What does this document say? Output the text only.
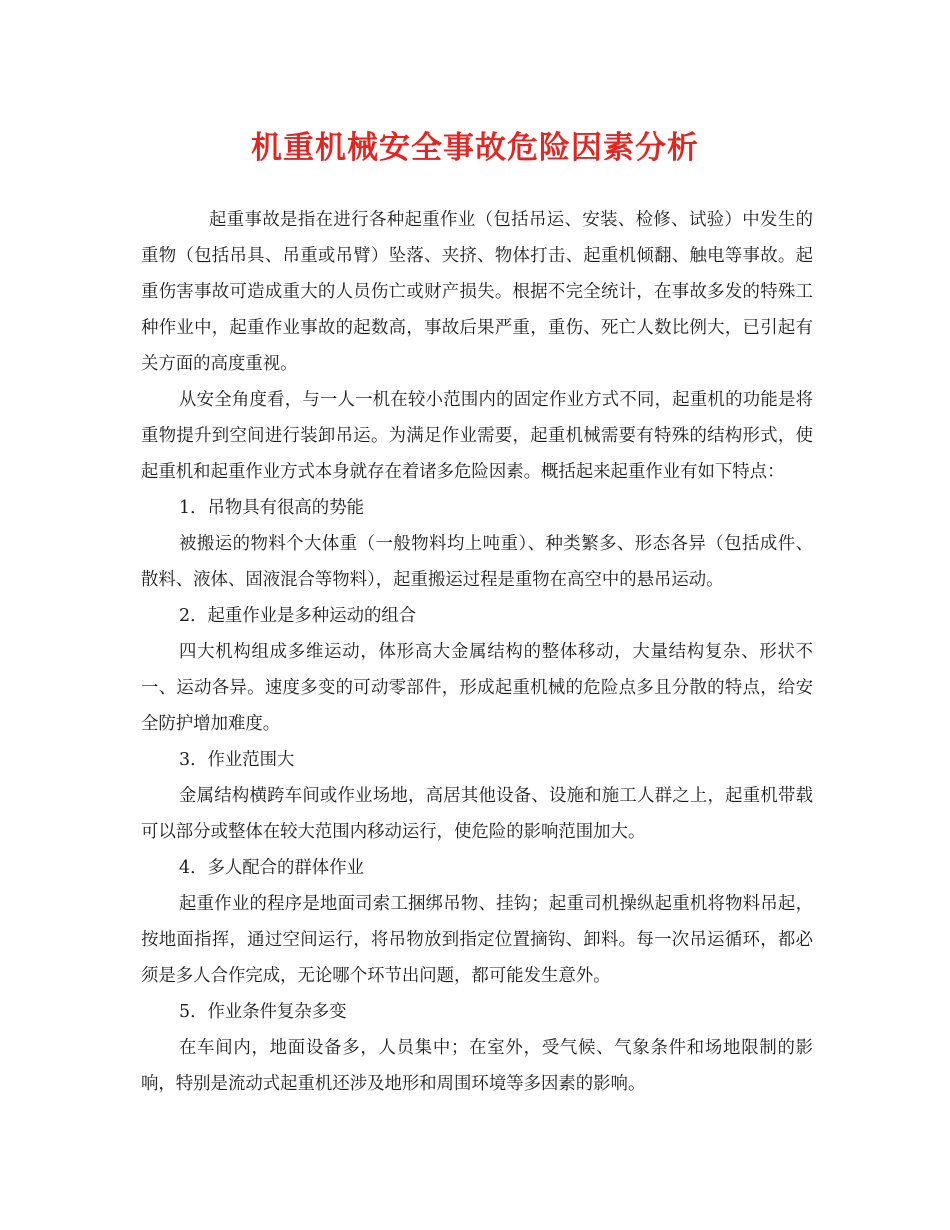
机重机械安全事故危险因素分析

起重事故是指在进行各种起重作业（包括吊运、安装、检修、试验）中发生的重物（包括吊具、吊重或吊臂）坠落、夹挤、物体打击、起重机倾翻、触电等事故。起重伤害事故可造成重大的人员伤亡或财产损失。根据不完全统计，在事故多发的特殊工种作业中，起重作业事故的起数高，事故后果严重，重伤、死亡人数比例大，已引起有关方面的高度重视。

从安全角度看，与一人一机在较小范围内的固定作业方式不同，起重机的功能是将重物提升到空间进行装卸吊运。为满足作业需要，起重机械需要有特殊的结构形式，使起重机和起重作业方式本身就存在着诸多危险因素。概括起来起重作业有如下特点：

1．吊物具有很高的势能

被搬运的物料个大体重（一般物料均上吨重）、种类繁多、形态各异（包括成件、散料、液体、固液混合等物料），起重搬运过程是重物在高空中的悬吊运动。

2．起重作业是多种运动的组合

四大机构组成多维运动，体形高大金属结构的整体移动，大量结构复杂、形状不一、运动各异。速度多变的可动零部件，形成起重机械的危险点多且分散的特点，给安全防护增加难度。

3．作业范围大

金属结构横跨车间或作业场地，高居其他设备、设施和施工人群之上，起重机带载可以部分或整体在较大范围内移动运行，使危险的影响范围加大。

4．多人配合的群体作业

起重作业的程序是地面司索工捆绑吊物、挂钩；起重司机操纵起重机将物料吊起，按地面指挥，通过空间运行，将吊物放到指定位置摘钩、卸料。每一次吊运循环，都必须是多人合作完成，无论哪个环节出问题，都可能发生意外。

5．作业条件复杂多变

在车间内，地面设备多，人员集中；在室外，受气候、气象条件和场地限制的影响，特别是流动式起重机还涉及地形和周围环境等多因素的影响。
